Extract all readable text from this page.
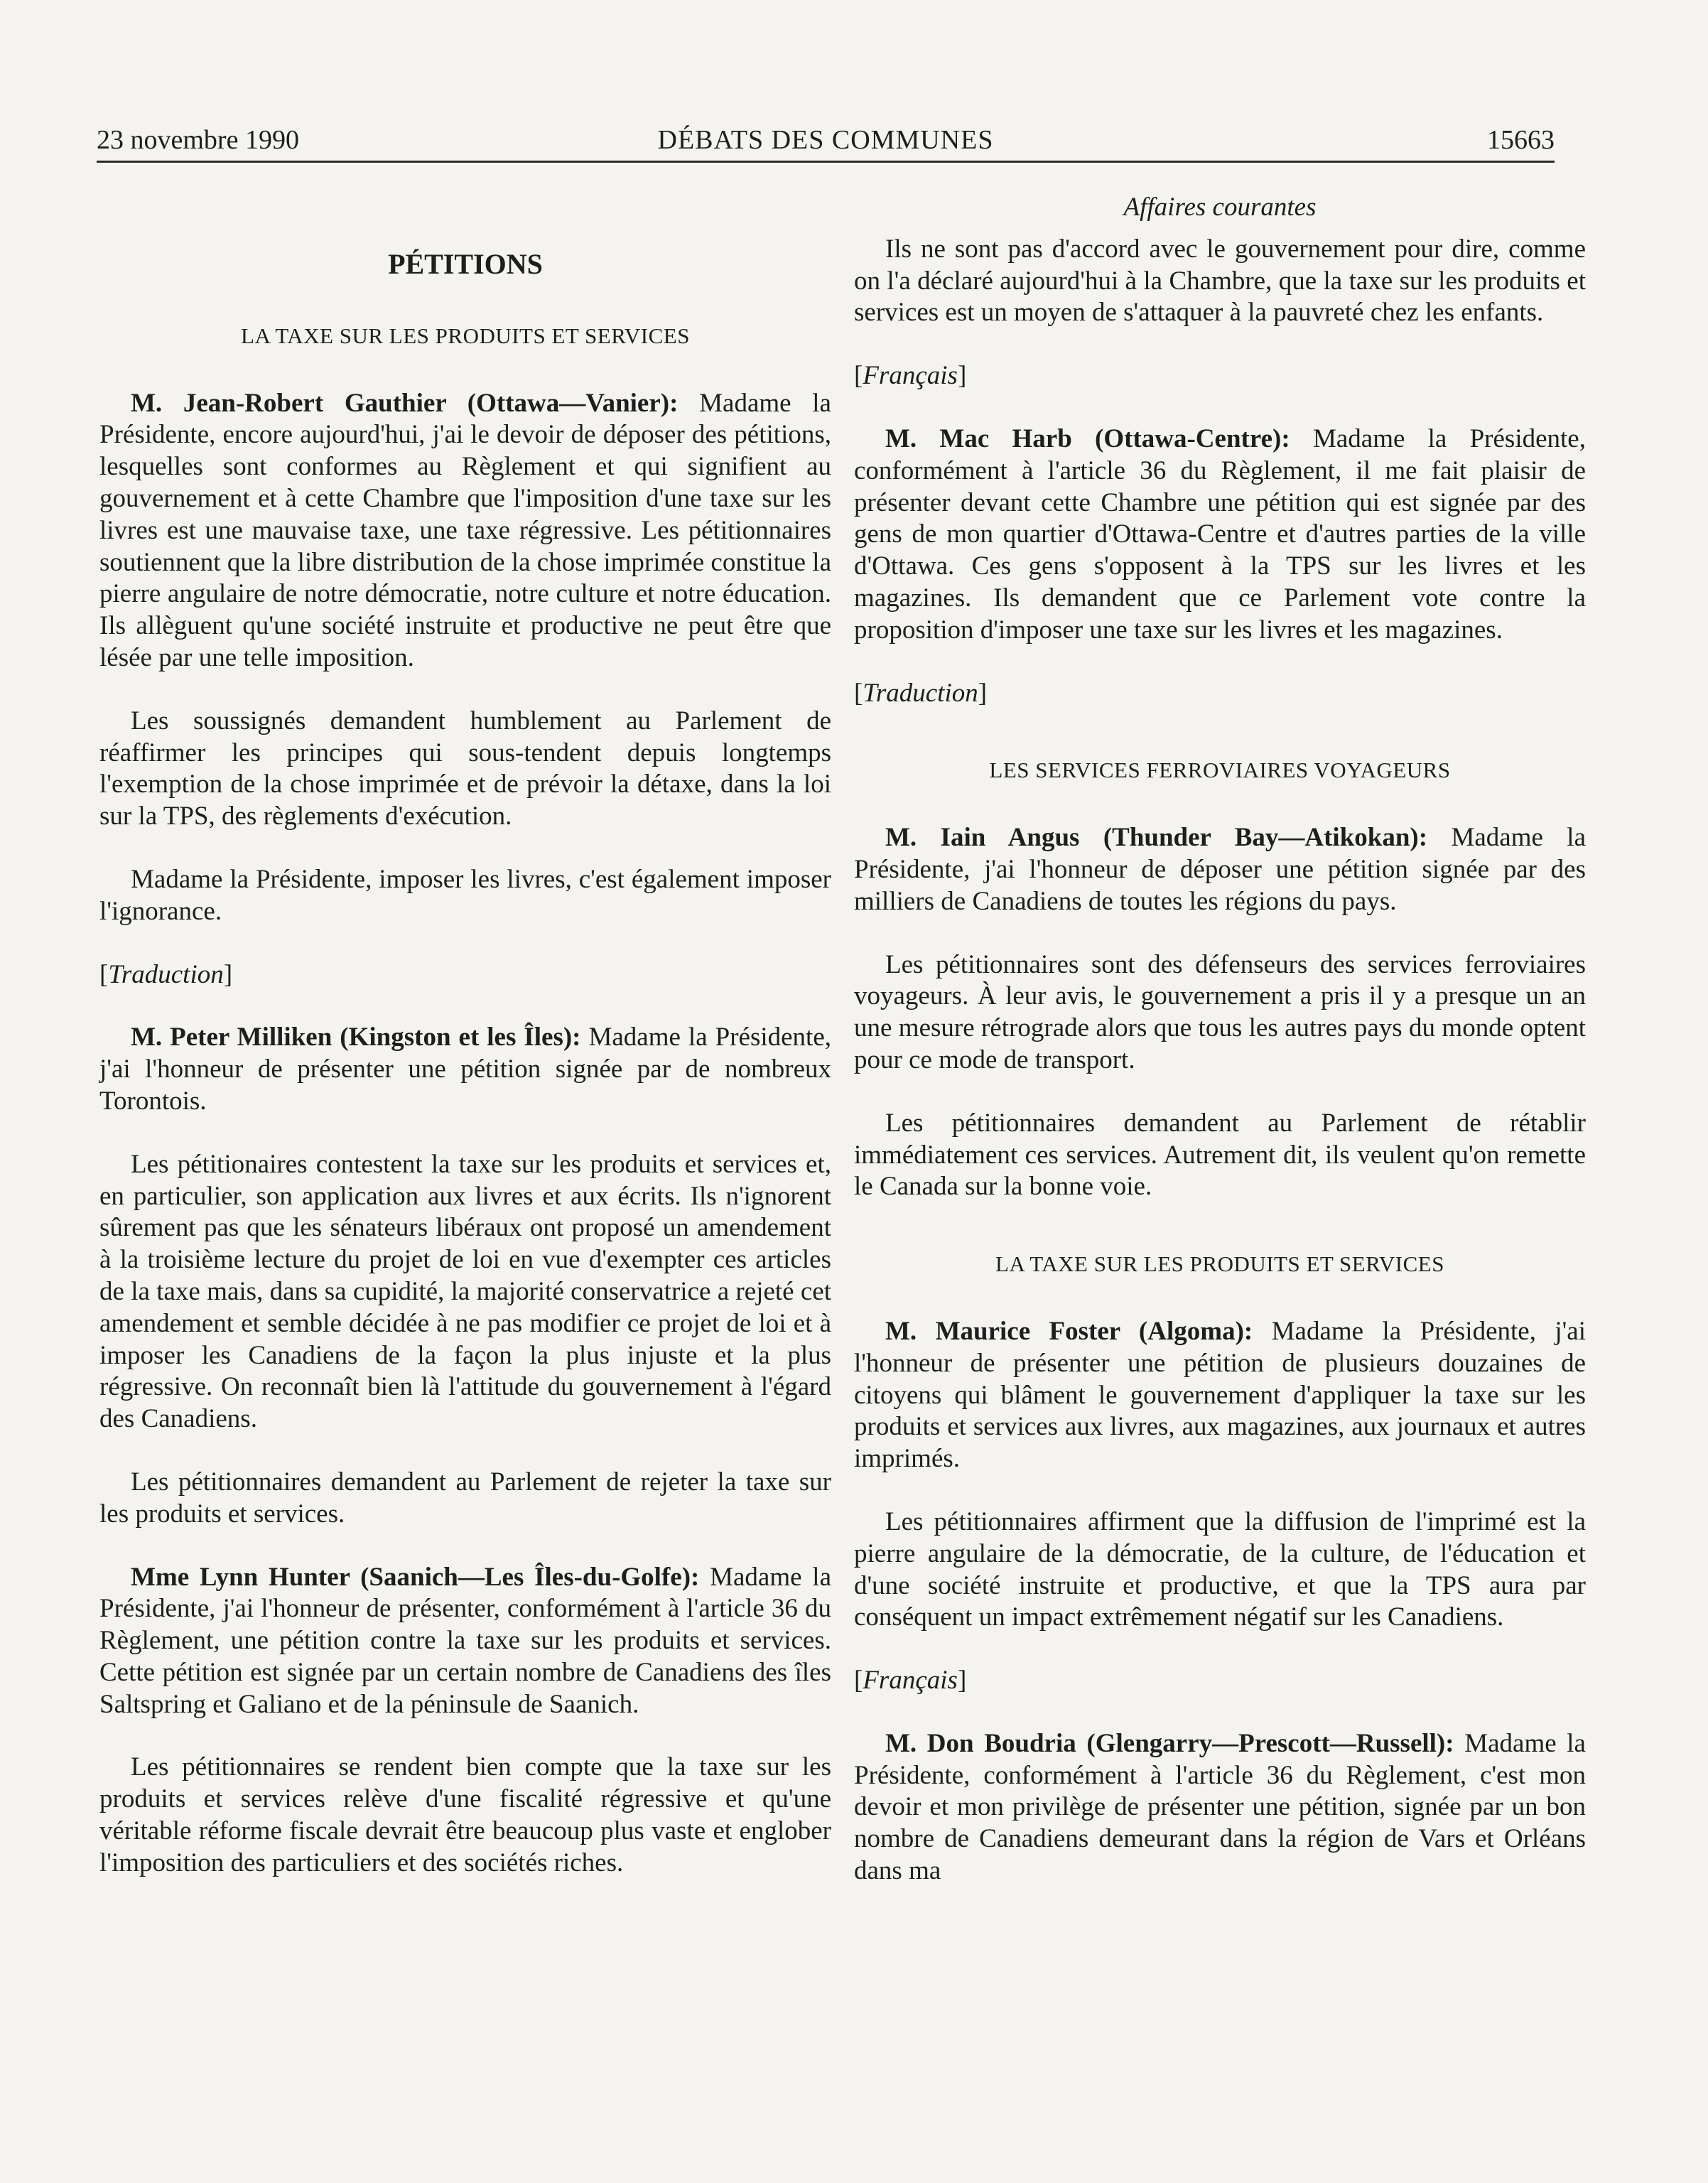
23 novembre 1990	DÉBATS DES COMMUNES	15663
PÉTITIONS
LA TAXE SUR LES PRODUITS ET SERVICES

M. Jean-Robert Gauthier (Ottawa—Vanier): Madame la Présidente, encore aujourd'hui, j'ai le devoir de déposer des pétitions, lesquelles sont conformes au Règlement et qui signifient au gouvernement et à cette Chambre que l'imposition d'une taxe sur les livres est une mauvaise taxe, une taxe régressive. Les pétitionnaires soutiennent que la libre distribution de la chose imprimée constitue la pierre angulaire de notre démocratie, notre culture et notre éducation. Ils allèguent qu'une société instruite et productive ne peut être que lésée par une telle imposition.

Les soussignés demandent humblement au Parlement de réaffirmer les principes qui sous-tendent depuis longtemps l'exemption de la chose imprimée et de prévoir la détaxe, dans la loi sur la TPS, des règlements d'exécution.

Madame la Présidente, imposer les livres, c'est également imposer l'ignorance.

[Traduction]

M. Peter Milliken (Kingston et les Îles): Madame la Présidente, j'ai l'honneur de présenter une pétition signée par de nombreux Torontois.

Les pétitionaires contestent la taxe sur les produits et services et, en particulier, son application aux livres et aux écrits. Ils n'ignorent sûrement pas que les sénateurs libéraux ont proposé un amendement à la troisième lecture du projet de loi en vue d'exempter ces articles de la taxe mais, dans sa cupidité, la majorité conservatrice a rejeté cet amendement et semble décidée à ne pas modifier ce projet de loi et à imposer les Canadiens de la façon la plus injuste et la plus régressive. On reconnaît bien là l'attitude du gouvernement à l'égard des Canadiens.

Les pétitionnaires demandent au Parlement de rejeter la taxe sur les produits et services.

Mme Lynn Hunter (Saanich—Les Îles-du-Golfe): Madame la Présidente, j'ai l'honneur de présenter, conformément à l'article 36 du Règlement, une pétition contre la taxe sur les produits et services. Cette pétition est signée par un certain nombre de Canadiens des îles Saltspring et Galiano et de la péninsule de Saanich.

Les pétitionnaires se rendent bien compte que la taxe sur les produits et services relève d'une fiscalité régressive et qu'une véritable réforme fiscale devrait être beaucoup plus vaste et englober l'imposition des particuliers et des sociétés riches.

Affaires courantes

Ils ne sont pas d'accord avec le gouvernement pour dire, comme on l'a déclaré aujourd'hui à la Chambre, que la taxe sur les produits et services est un moyen de s'attaquer à la pauvreté chez les enfants.

[Français]

M. Mac Harb (Ottawa-Centre): Madame la Présidente, conformément à l'article 36 du Règlement, il me fait plaisir de présenter devant cette Chambre une pétition qui est signée par des gens de mon quartier d'Ottawa-Centre et d'autres parties de la ville d'Ottawa. Ces gens s'opposent à la TPS sur les livres et les magazines. Ils demandent que ce Parlement vote contre la proposition d'imposer une taxe sur les livres et les magazines.

[Traduction]

LES SERVICES FERROVIAIRES VOYAGEURS

M. Iain Angus (Thunder Bay—Atikokan): Madame la Présidente, j'ai l'honneur de déposer une pétition signée par des milliers de Canadiens de toutes les régions du pays.

Les pétitionnaires sont des défenseurs des services ferroviaires voyageurs. À leur avis, le gouvernement a pris il y a presque un an une mesure rétrograde alors que tous les autres pays du monde optent pour ce mode de transport.

Les pétitionnaires demandent au Parlement de rétablir immédiatement ces services. Autrement dit, ils veulent qu'on remette le Canada sur la bonne voie.

LA TAXE SUR LES PRODUITS ET SERVICES

M. Maurice Foster (Algoma): Madame la Présidente, j'ai l'honneur de présenter une pétition de plusieurs douzaines de citoyens qui blâment le gouvernement d'appliquer la taxe sur les produits et services aux livres, aux magazines, aux journaux et autres imprimés.

Les pétitionnaires affirment que la diffusion de l'imprimé est la pierre angulaire de la démocratie, de la culture, de l'éducation et d'une société instruite et productive, et que la TPS aura par conséquent un impact extrêmement négatif sur les Canadiens.

[Français]

M. Don Boudria (Glengarry—Prescott—Russell): Madame la Présidente, conformément à l'article 36 du Règlement, c'est mon devoir et mon privilège de présenter une pétition, signée par un bon nombre de Canadiens demeurant dans la région de Vars et Orléans dans ma
